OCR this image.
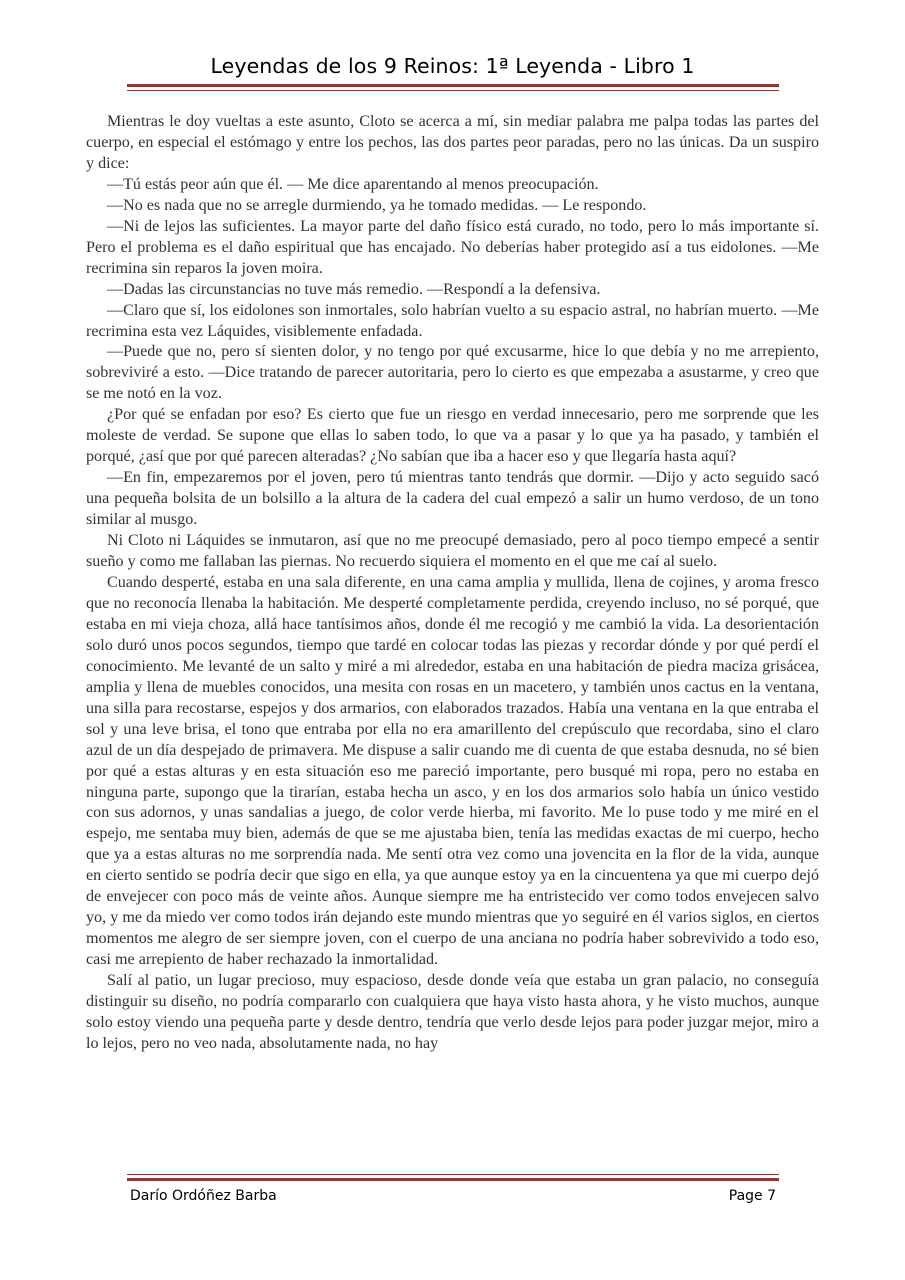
Leyendas de los 9 Reinos: 1ª Leyenda - Libro 1

Mientras le doy vueltas a este asunto, Cloto se acerca a mí, sin mediar palabra me palpa todas las partes del cuerpo, en especial el estómago y entre los pechos, las dos partes peor paradas, pero no las únicas. Da un suspiro y dice:

—Tú estás peor aún que él. — Me dice aparentando al menos preocupación.

—No es nada que no se arregle durmiendo, ya he tomado medidas. — Le respondo.

—Ni de lejos las suficientes. La mayor parte del daño físico está curado, no todo, pero lo más importante sí. Pero el problema es el daño espiritual que has encajado. No deberías haber protegido así a tus eidolones. —Me recrimina sin reparos la joven moira.

—Dadas las circunstancias no tuve más remedio. —Respondí a la defensiva.

—Claro que sí, los eidolones son inmortales, solo habrían vuelto a su espacio astral, no habrían muerto. —Me recrimina esta vez Láquides, visiblemente enfadada.

—Puede que no, pero sí sienten dolor, y no tengo por qué excusarme, hice lo que debía y no me arrepiento, sobreviviré a esto. —Dice tratando de parecer autoritaria, pero lo cierto es que empezaba a asustarme, y creo que se me notó en la voz.

¿Por qué se enfadan por eso? Es cierto que fue un riesgo en verdad innecesario, pero me sorprende que les moleste de verdad. Se supone que ellas lo saben todo, lo que va a pasar y lo que ya ha pasado, y también el porqué, ¿así que por qué parecen alteradas? ¿No sabían que iba a hacer eso y que llegaría hasta aquí?

—En fin, empezaremos por el joven, pero tú mientras tanto tendrás que dormir. —Dijo y acto seguido sacó una pequeña bolsita de un bolsillo a la altura de la cadera del cual empezó a salir un humo verdoso, de un tono similar al musgo.

Ni Cloto ni Láquides se inmutaron, así que no me preocupé demasiado, pero al poco tiempo empecé a sentir sueño y como me fallaban las piernas. No recuerdo siquiera el momento en el que me caí al suelo.

Cuando desperté, estaba en una sala diferente, en una cama amplia y mullida, llena de cojines, y aroma fresco que no reconocía llenaba la habitación. Me desperté completamente perdida, creyendo incluso, no sé porqué, que estaba en mi vieja choza, allá hace tantísimos años, donde él me recogió y me cambió la vida. La desorientación solo duró unos pocos segundos, tiempo que tardé en colocar todas las piezas y recordar dónde y por qué perdí el conocimiento. Me levanté de un salto y miré a mi alrededor, estaba en una habitación de piedra maciza grisácea, amplia y llena de muebles conocidos, una mesita con rosas en un macetero, y también unos cactus en la ventana, una silla para recostarse, espejos y dos armarios, con elaborados trazados. Había una ventana en la que entraba el sol y una leve brisa, el tono que entraba por ella no era amarillento del crepúsculo que recordaba, sino el claro azul de un día despejado de primavera. Me dispuse a salir cuando me di cuenta de que estaba desnuda, no sé bien por qué a estas alturas y en esta situación eso me pareció importante, pero busqué mi ropa, pero no estaba en ninguna parte, supongo que la tirarían, estaba hecha un asco, y en los dos armarios solo había un único vestido con sus adornos, y unas sandalias a juego, de color verde hierba, mi favorito. Me lo puse todo y me miré en el espejo, me sentaba muy bien, además de que se me ajustaba bien, tenía las medidas exactas de mi cuerpo, hecho que ya a estas alturas no me sorprendía nada. Me sentí otra vez como una jovencita en la flor de la vida, aunque en cierto sentido se podría decir que sigo en ella, ya que aunque estoy ya en la cincuentena ya que mi cuerpo dejó de envejecer con poco más de veinte años. Aunque siempre me ha entristecido ver como todos envejecen salvo yo, y me da miedo ver como todos irán dejando este mundo mientras que yo seguiré en él varios siglos, en ciertos momentos me alegro de ser siempre joven, con el cuerpo de una anciana no podría haber sobrevivido a todo eso, casi me arrepiento de haber rechazado la inmortalidad.

Salí al patio, un lugar precioso, muy espacioso, desde donde veía que estaba un gran palacio, no conseguía distinguir su diseño, no podría compararlo con cualquiera que haya visto hasta ahora, y he visto muchos, aunque solo estoy viendo una pequeña parte y desde dentro, tendría que verlo desde lejos para poder juzgar mejor, miro a lo lejos, pero no veo nada, absolutamente nada, no hay

Darío Ordóñez Barba	Page 7
